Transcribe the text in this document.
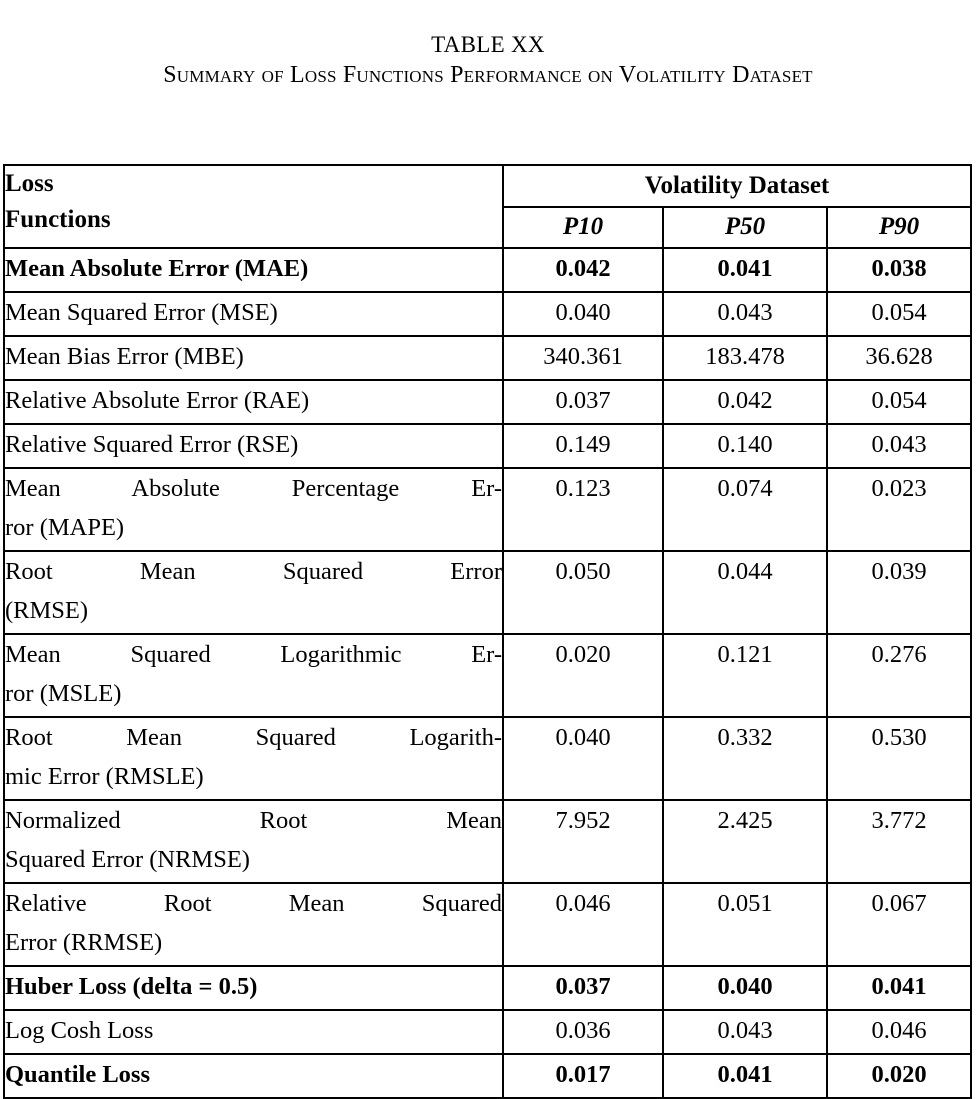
TABLE XX
Summary of Loss Functions Performance on Volatility Dataset
Loss
Functions	Volatility Dataset		
	P10	P50	P90

Mean Absolute Error (MAE)	0.042	0.041	0.038

Mean Squared Error (MSE)	0.040	0.043	0.054

Mean Bias Error (MBE)	340.361	183.478	36.628

Relative Absolute Error (RAE)	0.037	0.042	0.054

Relative Squared Error (RSE)	0.149	0.140	0.043

Mean Absolute Percentage Er-
ror (MAPE)	0.123	0.074	0.023

Root Mean Squared Error
(RMSE)	0.050	0.044	0.039

Mean Squared Logarithmic Er-
ror (MSLE)	0.020	0.121	0.276

Root Mean Squared Logarith-
mic Error (RMSLE)	0.040	0.332	0.530

Normalized Root Mean
Squared Error (NRMSE)	7.952	2.425	3.772

Relative Root Mean Squared
Error (RRMSE)	0.046	0.051	0.067

Huber Loss (delta = 0.5)	0.037	0.040	0.041

Log Cosh Loss	0.036	0.043	0.046

Quantile Loss	0.017	0.041	0.020
